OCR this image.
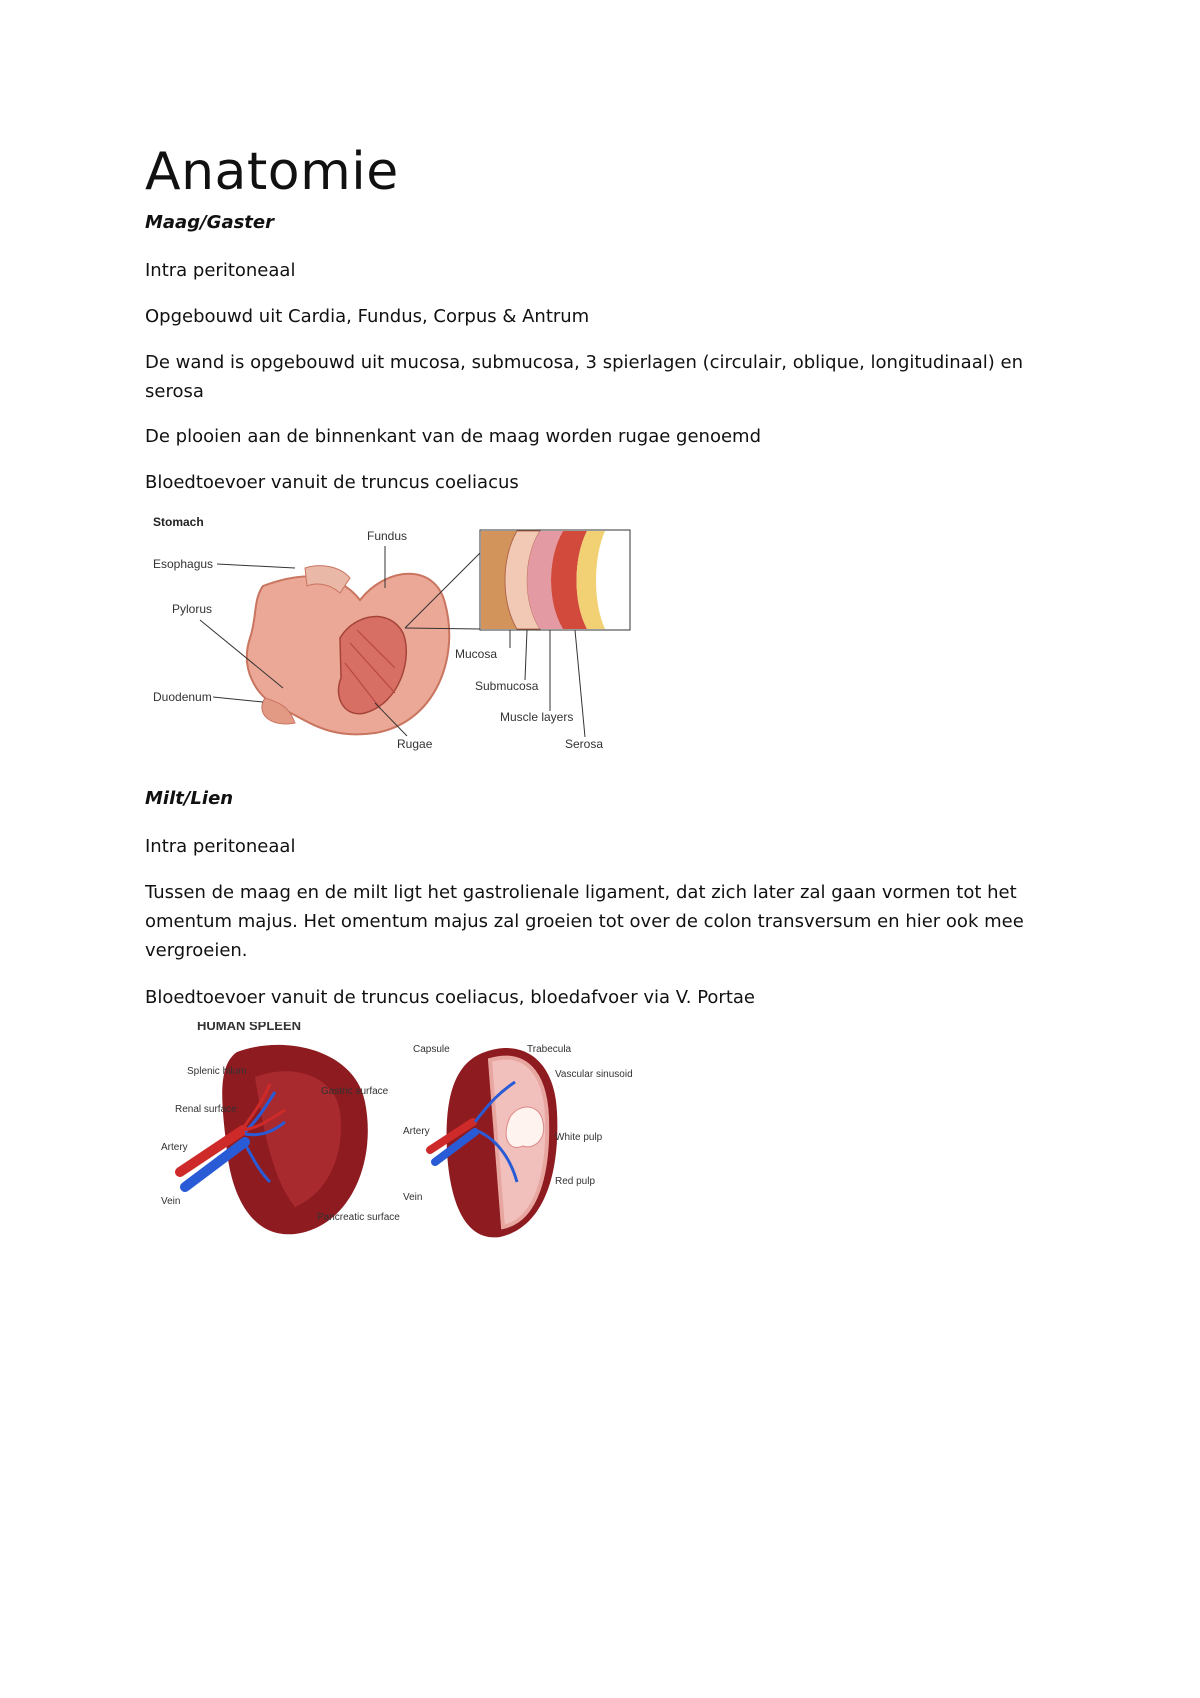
Anatomie

Maag/Gaster

Intra peritoneaal

Opgebouwd uit Cardia, Fundus, Corpus & Antrum

De wand is opgebouwd uit mucosa, submucosa, 3 spierlagen (circulair, oblique, longitudinaal) en serosa

De plooien aan de binnenkant van de maag worden rugae genoemd

Bloedtoevoer vanuit de truncus coeliacus

Stomach
Esophagus
Fundus
Pylorus
Duodenum
Rugae
Mucosa
Submucosa
Muscle layers
Serosa

Milt/Lien

Intra peritoneaal

Tussen de maag en de milt ligt het gastrolienale ligament, dat zich later zal gaan vormen tot het omentum majus. Het omentum majus zal groeien tot over de colon transversum en hier ook mee vergroeien.

Bloedtoevoer vanuit de truncus coeliacus, bloedafvoer via V. Portae

HUMAN SPLEEN
Splenic hilum
Renal surface
Gastric surface
Artery
Vein
Pancreatic surface
Capsule	Trabecula
Vascular sinusoid
Artery
White pulp
Vein
Red pulp
